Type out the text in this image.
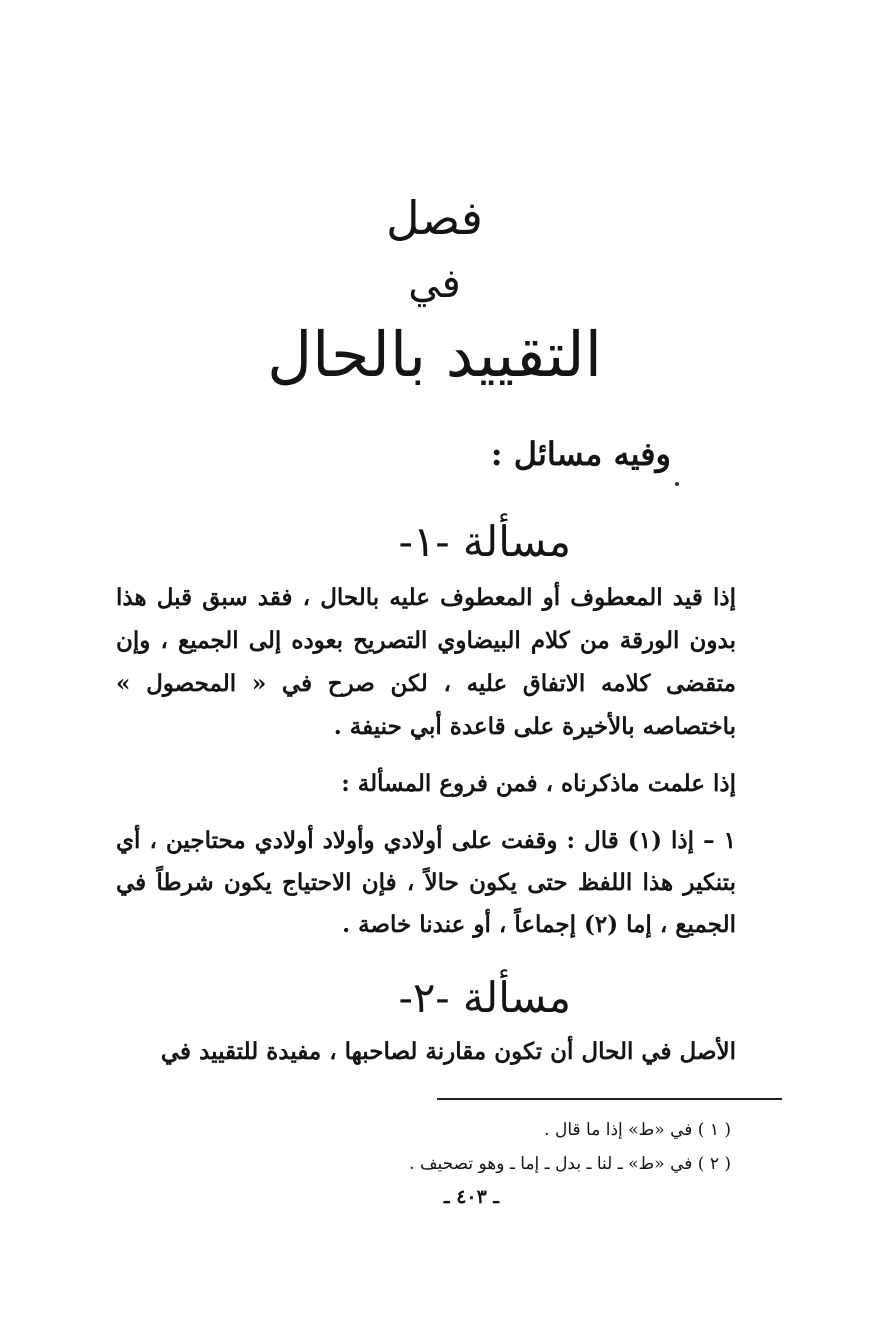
فصل
في
التقييد بالحال
وفيه مسائل :
مسألة -١-
إذا قيد المعطوف أو المعطوف عليه بالحال ، فقد سبق قبل هذا بدون الورقة من كلام البيضاوي التصريح بعوده إلى الجميع ، وإن متقضى كلامه الاتفاق عليه ، لكن صرح في « المحصول » باختصاصه بالأخيرة على قاعدة أبي حنيفة .
إذا علمت ماذكرناه ، فمن فروع المسألة :
١ – إذا (١) قال : وقفت على أولادي وأولاد أولادي محتاجين ، أي بتنكير هذا اللفظ حتى يكون حالاً ، فإن الاحتياج يكون شرطاً في الجميع ، إما (٢) إجماعاً ، أو عندنا خاصة .
مسألة -٢-
الأصل في الحال أن تكون مقارنة لصاحبها ، مفيدة للتقييد في
( ١ ) في «ط» إذا ما قال .
( ٢ ) في «ط» ـ لنا ـ بدل ـ إما ـ وهو تصحيف .
ـ ٤٠٣ ـ
